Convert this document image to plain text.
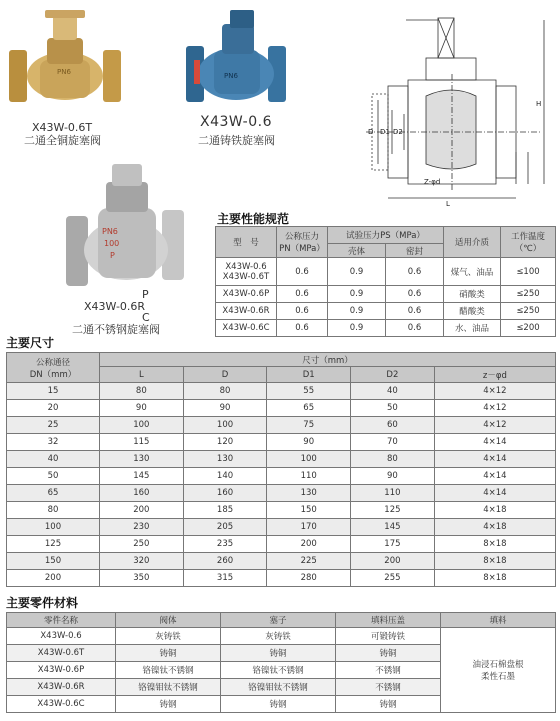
PN6
X43W-0.6T
二通全铜旋塞阀
PN6
X43W-0.6
二通铸铁旋塞阀
PN6
100
P
P
X43W-0.6R
C
二通不锈钢旋塞阀
H
D D1 D2
Z-φd
L
主要性能规范
型　号	公称压力
PN（MPa）	试验压力PS（MPa）		适用介质	工作温度
（℃）
		壳体	密封		
X43W-0.6
X43W-0.6T	0.6	0.9	0.6	煤气、油品	≤100
X43W-0.6P	0.6	0.9	0.6	硝酸类	≤250
X43W-0.6R	0.6	0.9	0.6	醋酸类	≤250
X43W-0.6C	0.6	0.9	0.6	水、油品	≤200
主要尺寸
公称通径
DN（mm）	尺寸（mm）				
	L	D	D1	D2	z－φd
15	80	80	55	40	4×12
20	90	90	65	50	4×12
25	100	100	75	60	4×12
32	115	120	90	70	4×14
40	130	130	100	80	4×14
50	145	140	110	90	4×14
65	160	160	130	110	4×14
80	200	185	150	125	4×18
100	230	205	170	145	4×18
125	250	235	200	175	8×18
150	320	260	225	200	8×18
200	350	315	280	255	8×18
主要零件材料
零件名称	阀体	塞子	填料压盖	填料
X43W-0.6	灰铸铁	灰铸铁	可锻铸铁	油浸石棉盘根
柔性石墨
X43W-0.6T	铸铜	铸铜	铸铜	
X43W-0.6P	铬镍钛不锈钢	铬镍钛不锈钢	不锈钢	
X43W-0.6R	铬镍钼钛不锈钢	铬镍钼钛不锈钢	不锈钢	
X43W-0.6C	铸钢	铸钢	铸钢	
